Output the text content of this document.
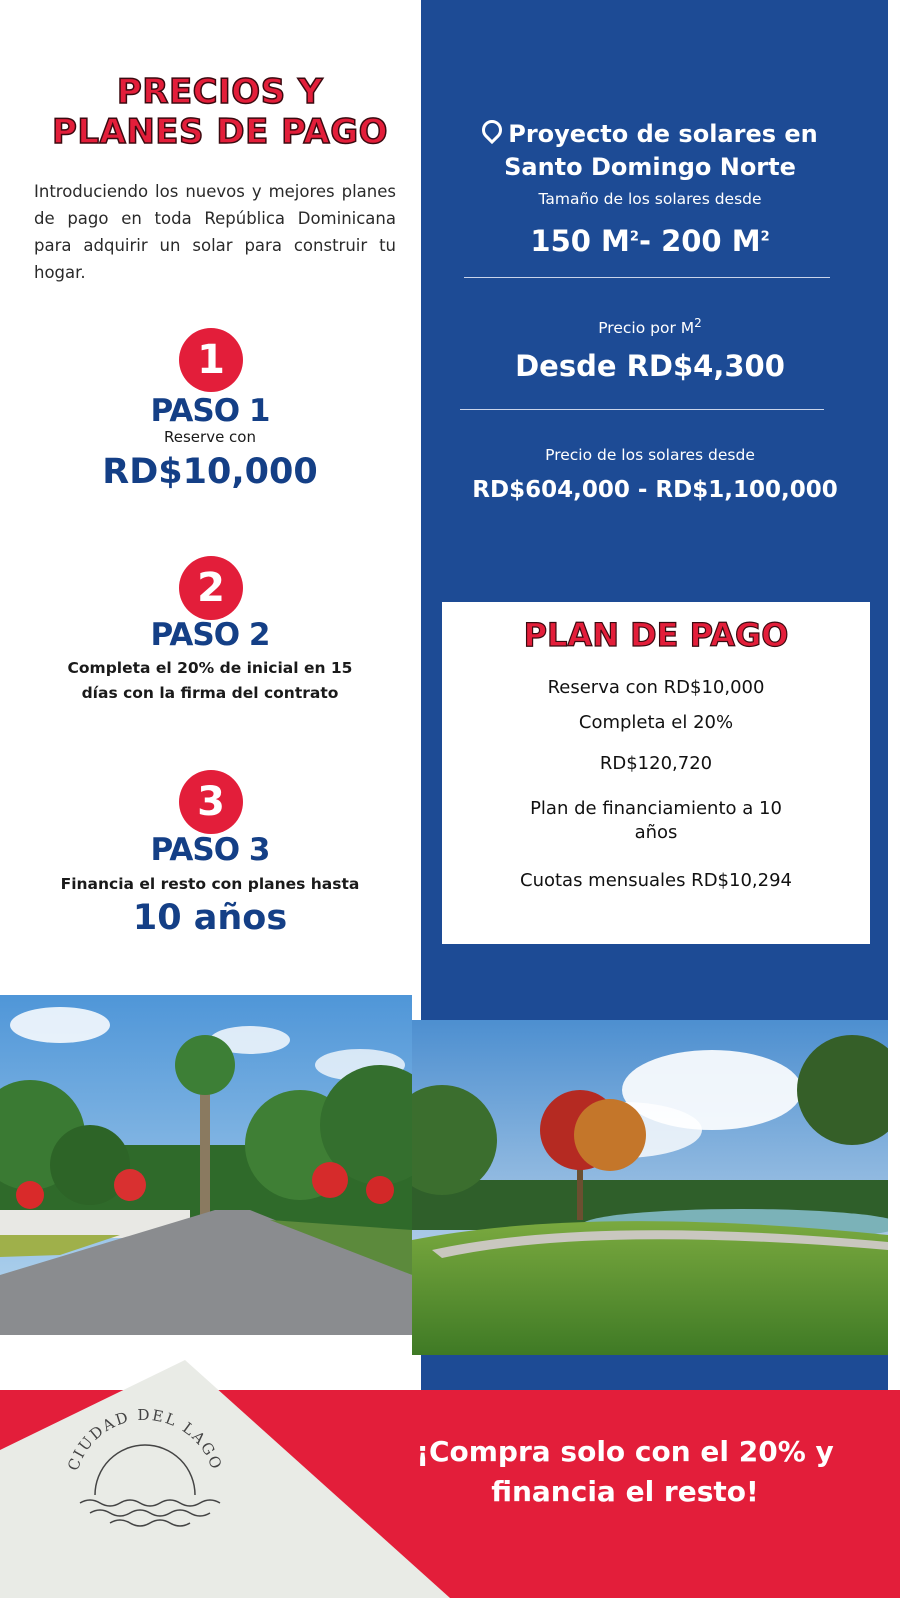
PRECIOS Y
PLANES DE PAGO
Introduciendo los nuevos y mejores planes de pago en toda República Dominicana para adquirir un solar para construir tu hogar.
1
PASO 1
Reserve con
RD$10,000
2
PASO 2
Completa el 20% de inicial en 15
días con la firma del contrato
3
PASO 3
Financia el resto con planes hasta
10 años
Proyecto de solares en
Santo Domingo Norte
Tamaño de los solares desde
150 $M^2-$ 200 $M^2$
Precio por $M^2$
Desde RD$4,300
Precio de los solares desde
RD$604,000 - RD$1,100,000
PLAN DE PAGO
Reserva con RD$10,000
Completa el 20%
RD$120,720
Plan de financiamiento a 10
años
Cuotas mensuales RD$10,294
CIUDAD DEL LAGO	¡Compra solo con el 20% y
financia el resto!
